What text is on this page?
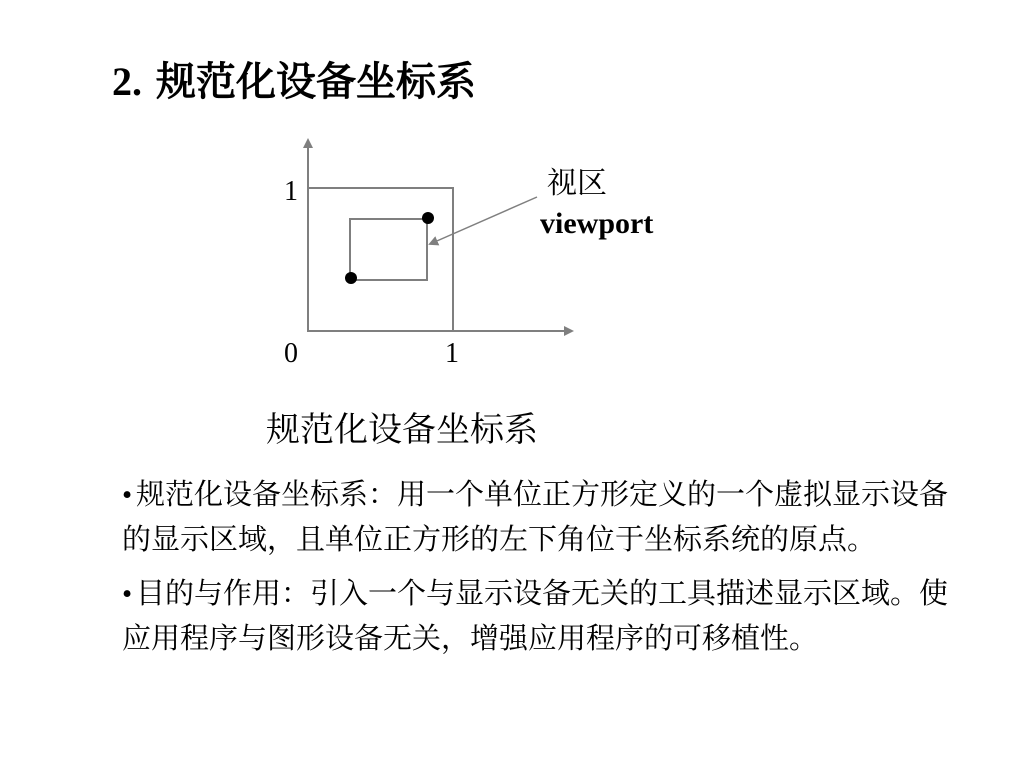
2. 规范化设备坐标系
1
0	1
视区
viewport
规范化设备坐标系
• 规范化设备坐标系：用一个单位正方形定义的一个虚拟显示设备的显示区域，且单位正方形的左下角位于坐标系统的原点。
• 目的与作用：引入一个与显示设备无关的工具描述显示区域。使应用程序与图形设备无关，增强应用程序的可移植性。
